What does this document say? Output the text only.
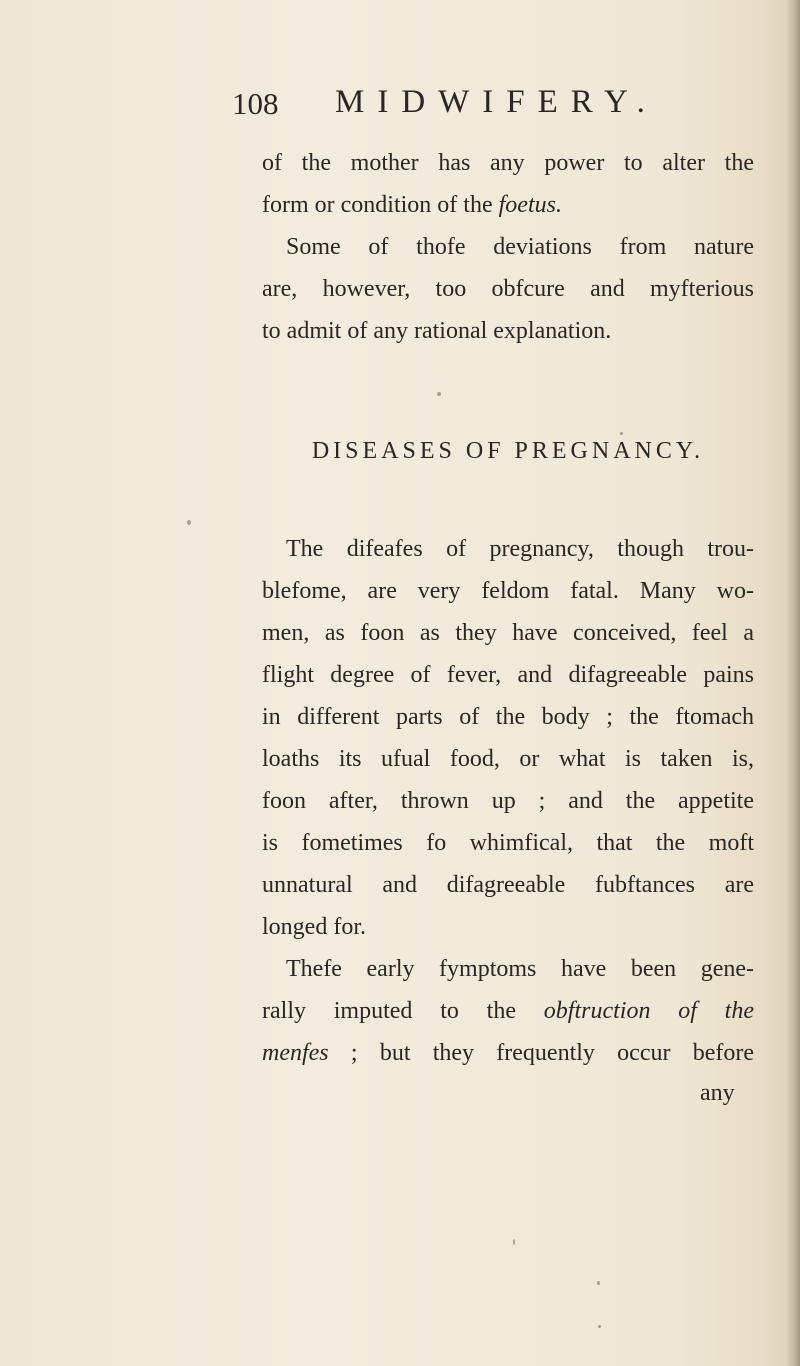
108 MIDWIFERY.
of the mother has any power to alter the
form or condition of the foetus.
Some of thofe deviations from nature
are, however, too obfcure and myfterious
to admit of any rational explanation.
DISEASES OF PREGNANCY.
The difeafes of pregnancy, though trou-
blefome, are very feldom fatal. Many wo-
men, as foon as they have conceived, feel a
flight degree of fever, and difagreeable pains
in different parts of the body ; the ftomach
loaths its ufual food, or what is taken is,
foon after, thrown up ; and the appetite
is fometimes fo whimfical, that the moft
unnatural and difagreeable fubftances are
longed for.
Thefe early fymptoms have been gene-
rally imputed to the obftruction of the
menfes ; but they frequently occur before
any
